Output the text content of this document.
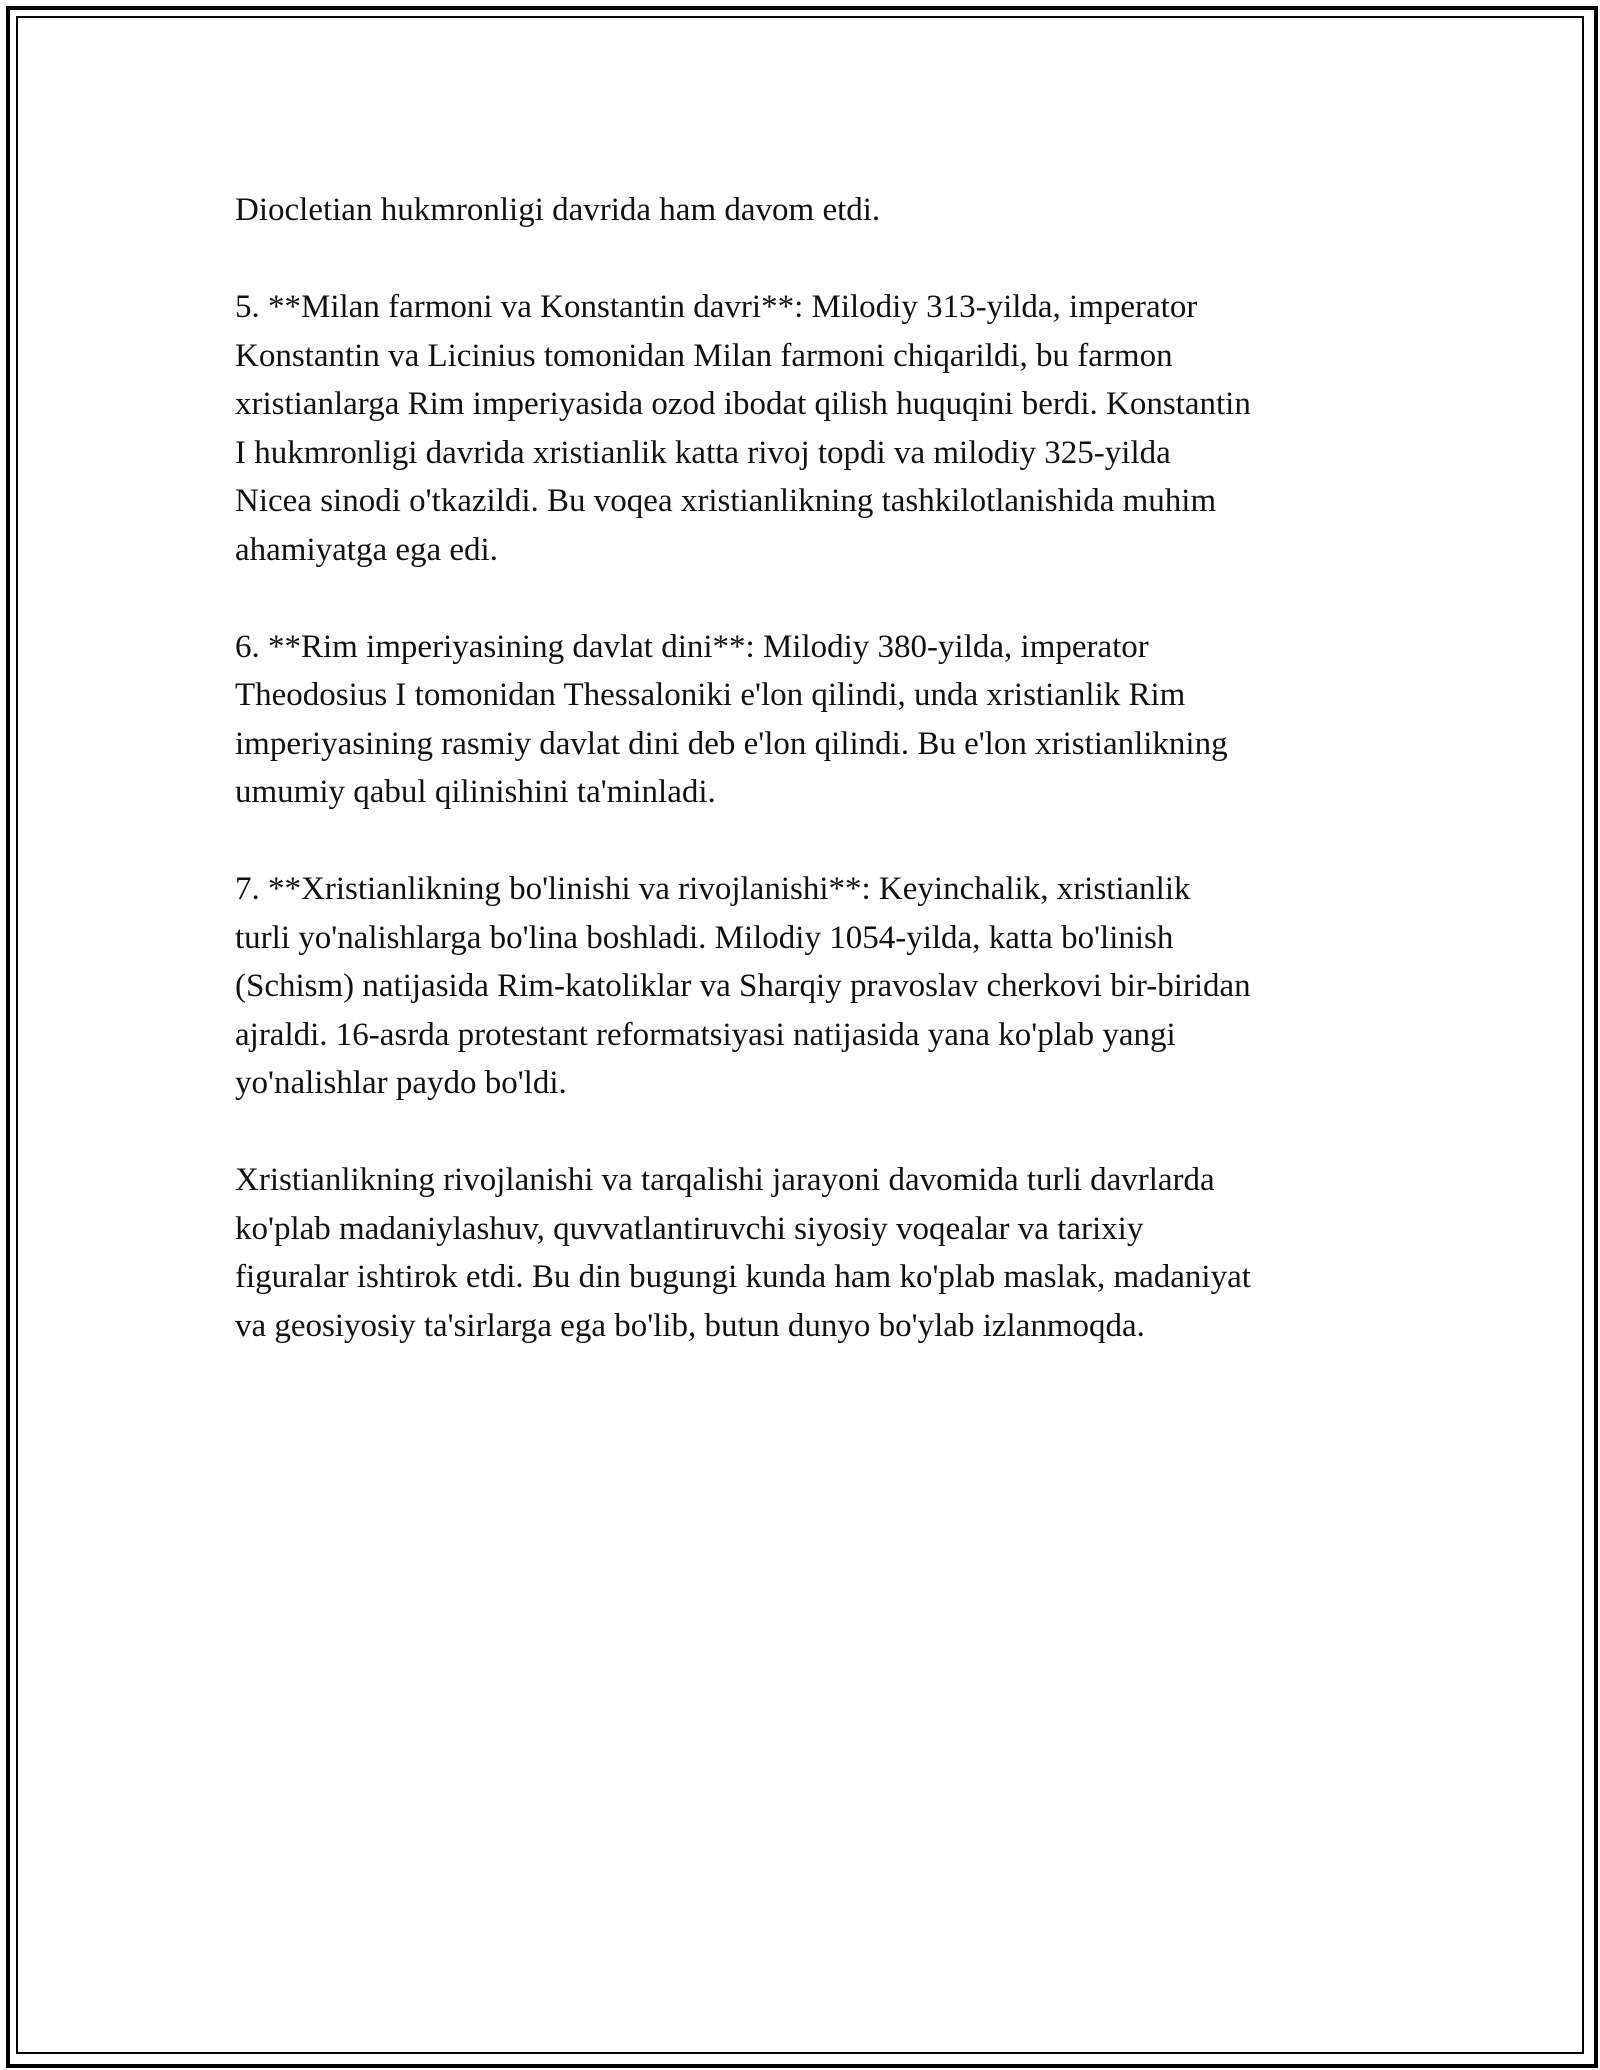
Diocletian hukmronligi davrida ham davom etdi.
5. **Milan farmoni va Konstantin davri**: Milodiy 313-yilda, imperator
Konstantin va Licinius tomonidan Milan farmoni chiqarildi, bu farmon
xristianlarga Rim imperiyasida ozod ibodat qilish huquqini berdi. Konstantin
I hukmronligi davrida xristianlik katta rivoj topdi va milodiy 325-yilda
Nicea sinodi o'tkazildi. Bu voqea xristianlikning tashkilotlanishida muhim
ahamiyatga ega edi.
6. **Rim imperiyasining davlat dini**: Milodiy 380-yilda, imperator
Theodosius I tomonidan Thessaloniki e'lon qilindi, unda xristianlik Rim
imperiyasining rasmiy davlat dini deb e'lon qilindi. Bu e'lon xristianlikning
umumiy qabul qilinishini ta'minladi.
7. **Xristianlikning bo'linishi va rivojlanishi**: Keyinchalik, xristianlik
turli yo'nalishlarga bo'lina boshladi. Milodiy 1054-yilda, katta bo'linish
(Schism) natijasida Rim-katoliklar va Sharqiy pravoslav cherkovi bir-biridan
ajraldi. 16-asrda protestant reformatsiyasi natijasida yana ko'plab yangi
yo'nalishlar paydo bo'ldi.
Xristianlikning rivojlanishi va tarqalishi jarayoni davomida turli davrlarda
ko'plab madaniylashuv, quvvatlantiruvchi siyosiy voqealar va tarixiy
figuralar ishtirok etdi. Bu din bugungi kunda ham ko'plab maslak, madaniyat
va geosiyosiy ta'sirlarga ega bo'lib, butun dunyo bo'ylab izlanmoqda.
